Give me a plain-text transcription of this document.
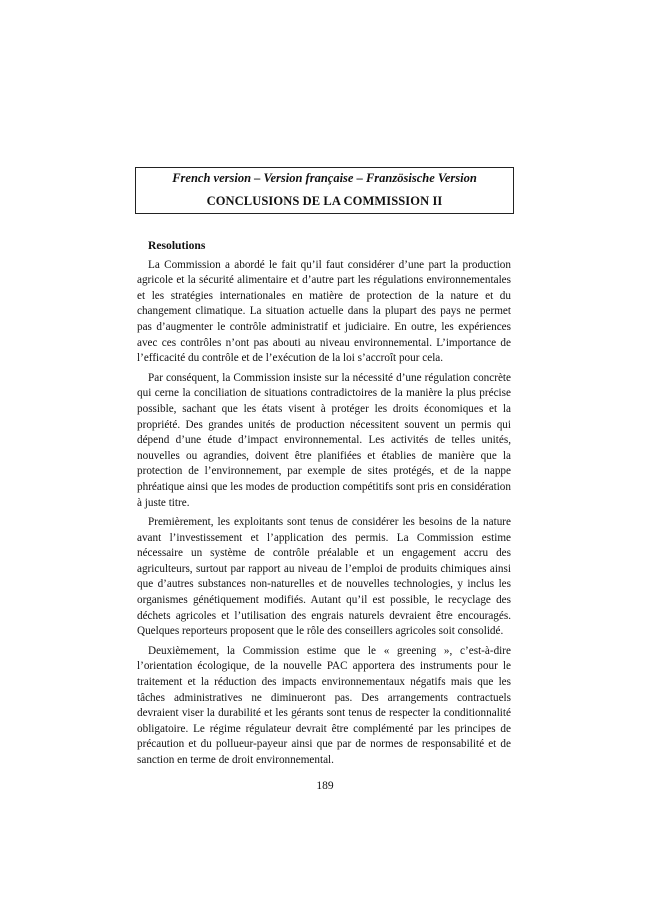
French version – Version française – Französische Version
CONCLUSIONS DE LA COMMISSION II
Resolutions

La Commission a abordé le fait qu’il faut considérer d’une part la production agricole et la sécurité alimentaire et d’autre part les régulations environnementales et les stratégies internationales en matière de protection de la nature et du changement climatique. La situation actuelle dans la plupart des pays ne permet pas d’augmenter le contrôle administratif et judiciaire. En outre, les expériences avec ces contrôles n’ont pas abouti au niveau environnemental. L’importance de l’efficacité du contrôle et de l’exécution de la loi s’accroît pour cela.

Par conséquent, la Commission insiste sur la nécessité d’une régulation concrète qui cerne la conciliation de situations contradictoires de la manière la plus précise possible, sachant que les états visent à protéger les droits économiques et la propriété. Des grandes unités de production nécessitent souvent un permis qui dépend d’une étude d’impact environnemental. Les activités de telles unités, nouvelles ou agrandies, doivent être planifiées et établies de manière que la protection de l’environnement, par exemple de sites protégés, et de la nappe phréatique ainsi que les modes de production compétitifs sont pris en considération à juste titre.

Premièrement, les exploitants sont tenus de considérer les besoins de la nature avant l’investissement et l’application des permis. La Commission estime nécessaire un système de contrôle préalable et un engagement accru des agriculteurs, surtout par rapport au niveau de l’emploi de produits chimiques ainsi que d’autres substances non-naturelles et de nouvelles technologies, y inclus les organismes génétiquement modifiés. Autant qu’il est possible, le recyclage des déchets agricoles et l’utilisation des engrais naturels devraient être encouragés. Quelques reporteurs proposent que le rôle des conseillers agricoles soit consolidé.

Deuxièmement, la Commission estime que le « greening », c’est-à-dire l’orientation écologique, de la nouvelle PAC apportera des instruments pour le traitement et la réduction des impacts environnementaux négatifs mais que les tâches administratives ne diminueront pas. Des arrangements contractuels devraient viser la durabilité et les gérants sont tenus de respecter la conditionnalité obligatoire. Le régime régulateur devrait être complémenté par les principes de précaution et du pollueur-payeur ainsi que par de normes de responsabilité et de sanction en terme de droit environnemental.

189
